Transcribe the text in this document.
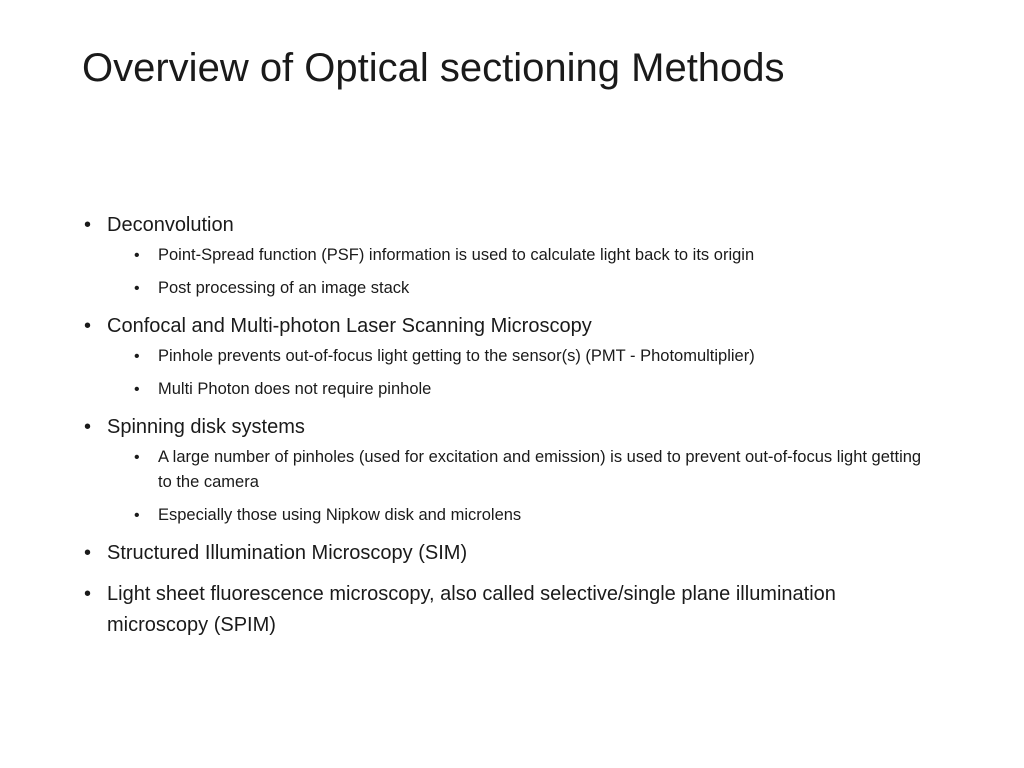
Overview of Optical sectioning Methods
• Deconvolution
• Point-Spread function (PSF) information is used to calculate light back to its origin
• Post processing of an image stack
• Confocal and Multi-photon Laser Scanning Microscopy
• Pinhole prevents out-of-focus light getting to the sensor(s) (PMT - Photomultiplier)
• Multi Photon does not require pinhole
• Spinning disk systems
• A large number of pinholes (used for excitation and emission) is used to prevent out-of-focus light getting to the camera
• Especially those using Nipkow disk and microlens
• Structured Illumination Microscopy (SIM)
• Light sheet fluorescence microscopy, also called selective/single plane illumination microscopy (SPIM)
